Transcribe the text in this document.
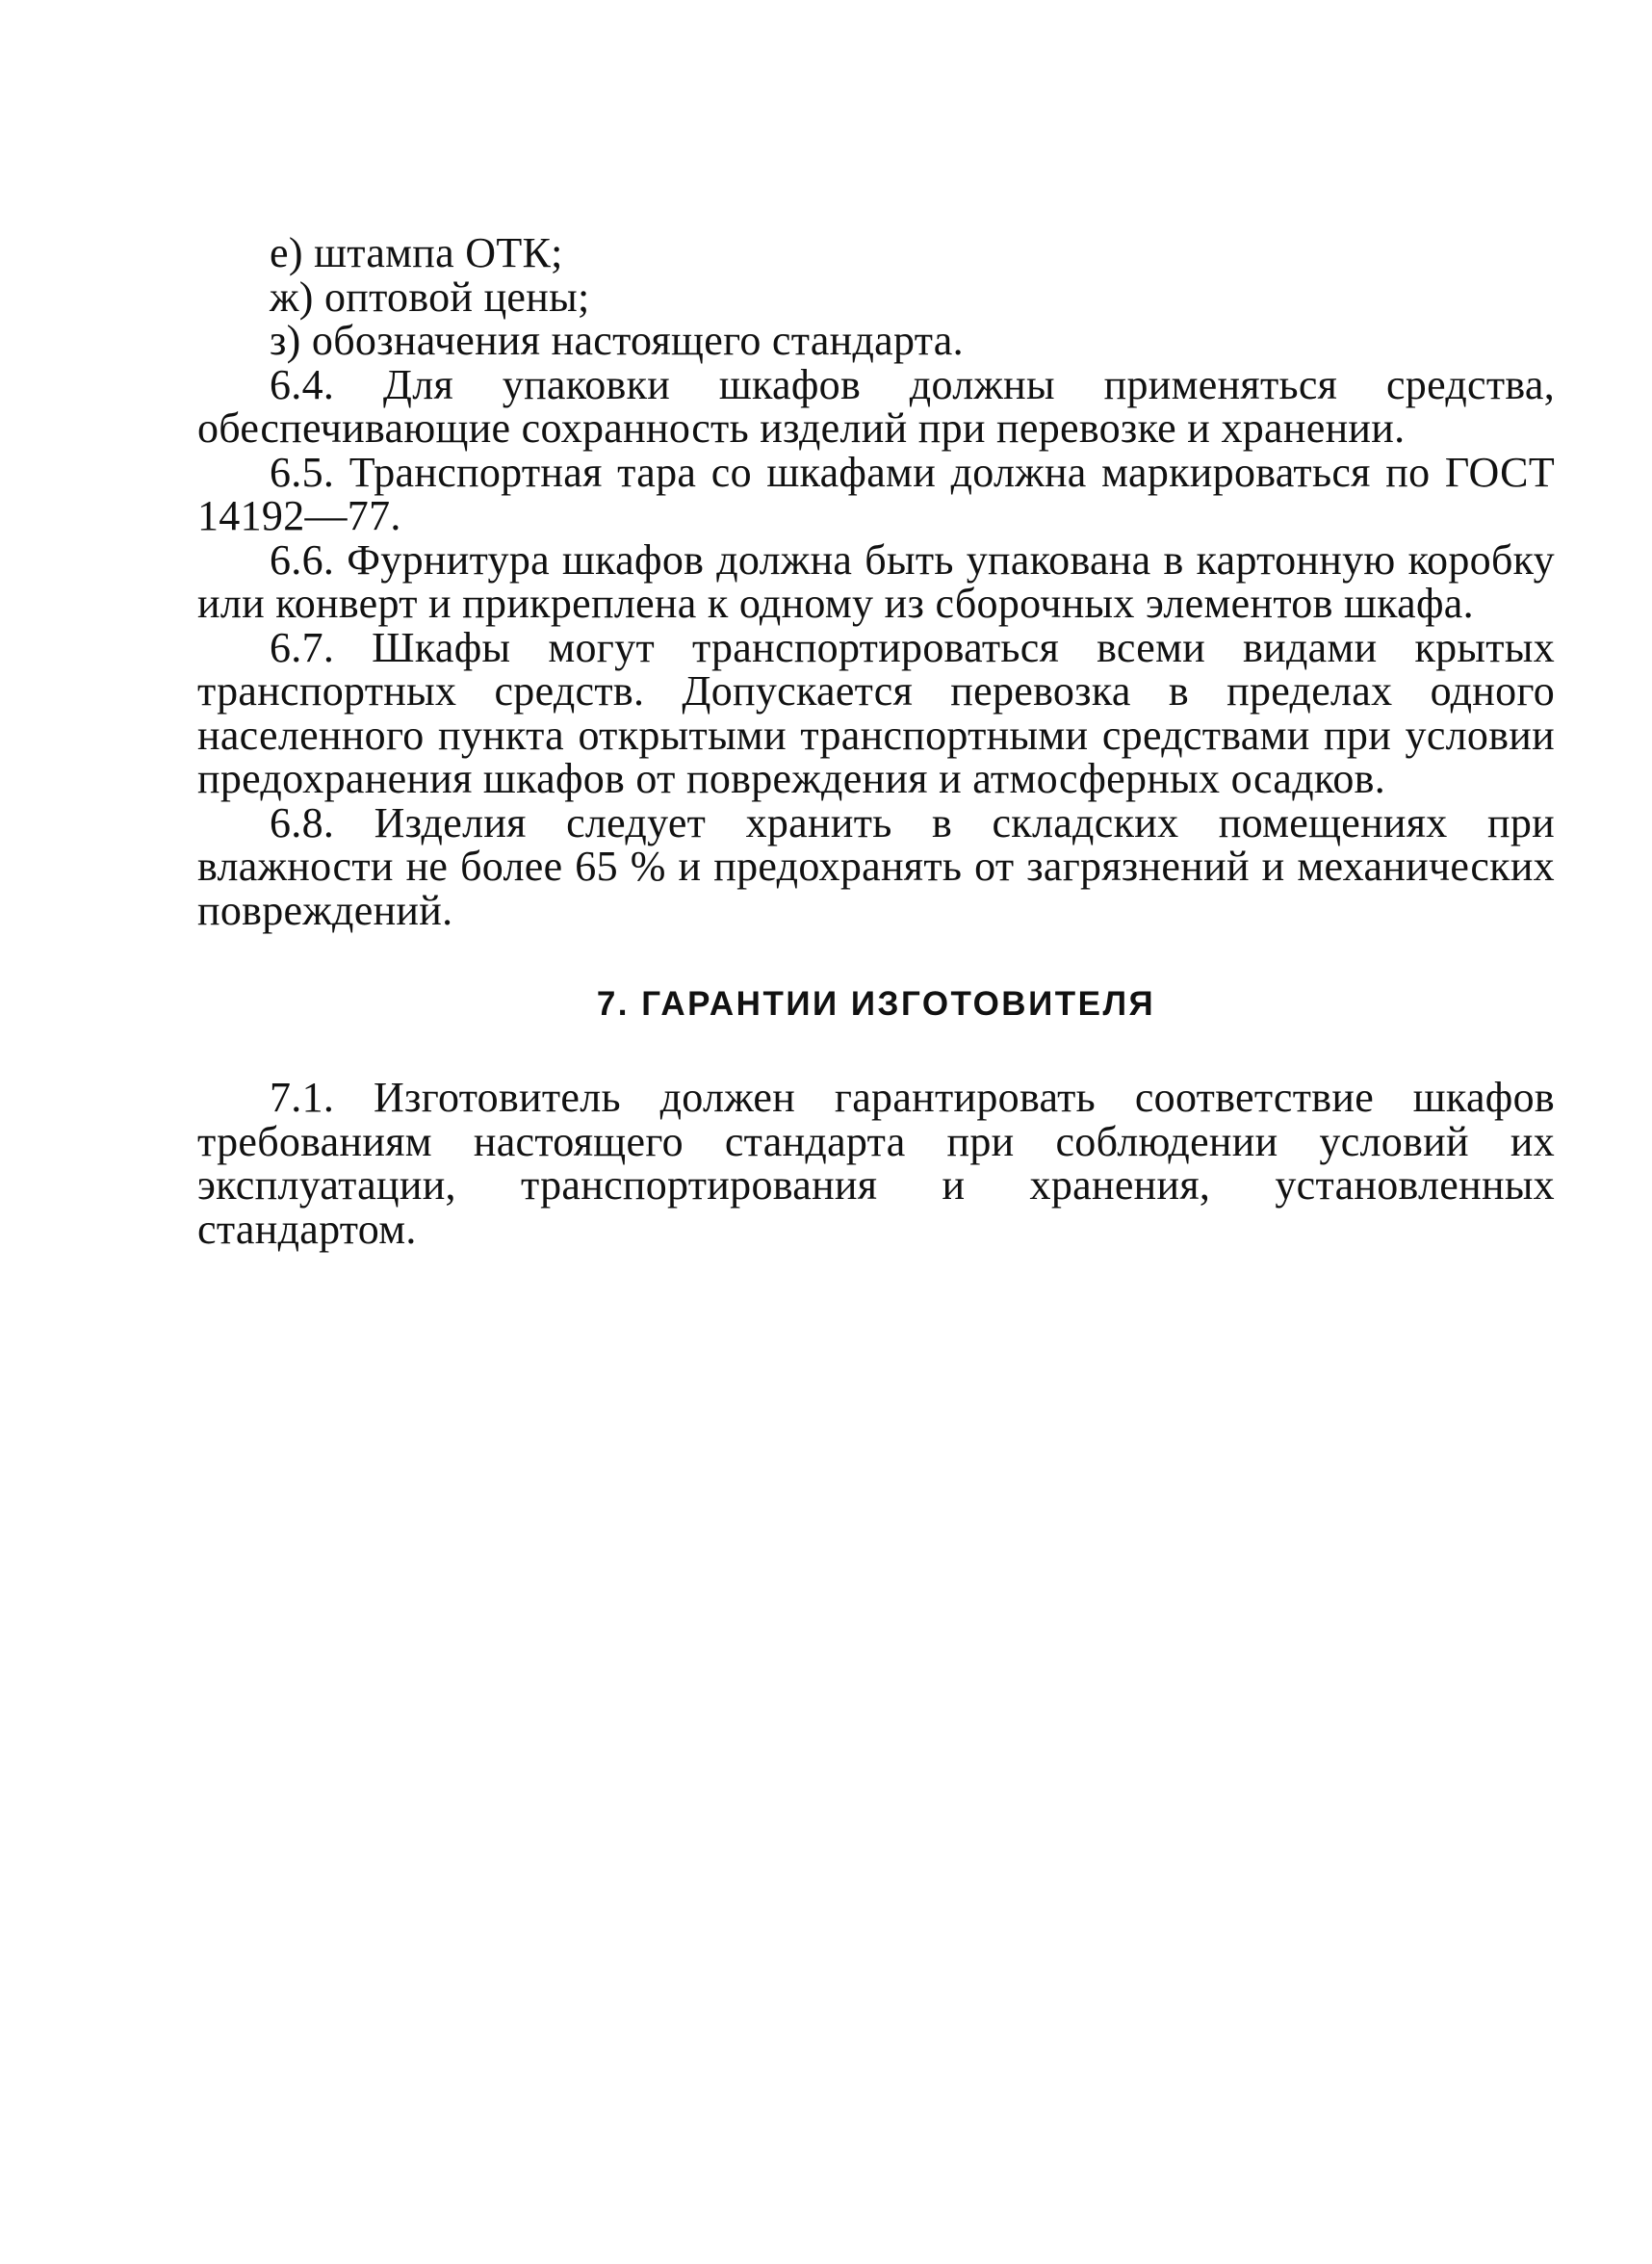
е) штампа ОТК;

ж) оптовой цены;

з) обозначения настоящего стандарта.

6.4. Для упаковки шкафов должны применяться средства, обеспечивающие сохранность изделий при перевозке и хранении.

6.5. Транспортная тара со шкафами должна маркироваться по ГОСТ 14192—77.

6.6. Фурнитура шкафов должна быть упакована в картонную коробку или конверт и прикреплена к одному из сборочных элементов шкафа.

6.7. Шкафы могут транспортироваться всеми видами крытых транспортных средств. Допускается перевозка в пределах одного населенного пункта открытыми транспортными средствами при условии предохранения шкафов от повреждения и атмосферных осадков.

6.8. Изделия следует хранить в складских помещениях при влажности не более 65 % и предохранять от загрязнений и механических повреждений.

7. ГАРАНТИИ ИЗГОТОВИТЕЛЯ

7.1. Изготовитель должен гарантировать соответствие шкафов требованиям настоящего стандарта при соблюдении условий их эксплуатации, транспортирования и хранения, установленных стандартом.
